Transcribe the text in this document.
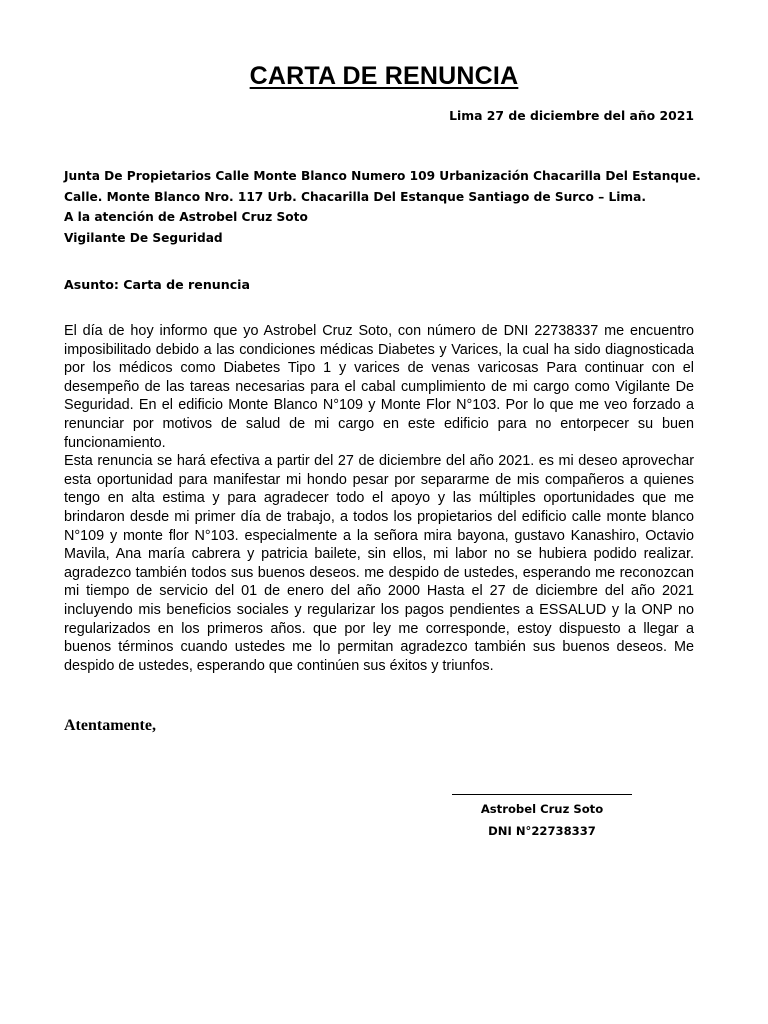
CARTA DE RENUNCIA
Lima 27 de diciembre del año 2021
Junta De Propietarios Calle Monte Blanco Numero 109 Urbanización Chacarilla Del Estanque.
Calle. Monte Blanco Nro. 117 Urb. Chacarilla Del Estanque Santiago de Surco – Lima.
A la atención de Astrobel Cruz Soto
Vigilante De Seguridad
Asunto: Carta de renuncia

El día de hoy informo que yo Astrobel Cruz Soto, con número de DNI 22738337 me encuentro imposibilitado debido a las condiciones médicas Diabetes y Varices, la cual ha sido diagnosticada por los médicos como Diabetes Tipo 1 y varices de venas varicosas Para continuar con el desempeño de las tareas necesarias para el cabal cumplimiento de mi cargo como Vigilante De Seguridad. En el edificio Monte Blanco N°109 y Monte Flor N°103. Por lo que me veo forzado a renunciar por motivos de salud de mi cargo en este edificio para no entorpecer su buen funcionamiento.

Esta renuncia se hará efectiva a partir del 27 de diciembre del año 2021. es mi deseo aprovechar esta oportunidad para manifestar mi hondo pesar por separarme de mis compañeros a quienes tengo en alta estima y para agradecer todo el apoyo y las múltiples oportunidades que me brindaron desde mi primer día de trabajo, a todos los propietarios del edificio calle monte blanco N°109 y monte flor N°103. especialmente a la señora mira bayona, gustavo Kanashiro, Octavio Mavila, Ana maría cabrera y patricia bailete, sin ellos, mi labor no se hubiera podido realizar. agradezco también todos sus buenos deseos. me despido de ustedes, esperando me reconozcan mi tiempo de servicio del 01 de enero del año 2000 Hasta el 27 de diciembre del año 2021 incluyendo mis beneficios sociales y regularizar los pagos pendientes a ESSALUD y la ONP no regularizados en los primeros años. que por ley me corresponde, estoy dispuesto a llegar a buenos términos cuando ustedes me lo permitan agradezco también sus buenos deseos. Me despido de ustedes, esperando que continúen sus éxitos y triunfos.

Atentamente,
Astrobel Cruz Soto
DNI N°22738337
